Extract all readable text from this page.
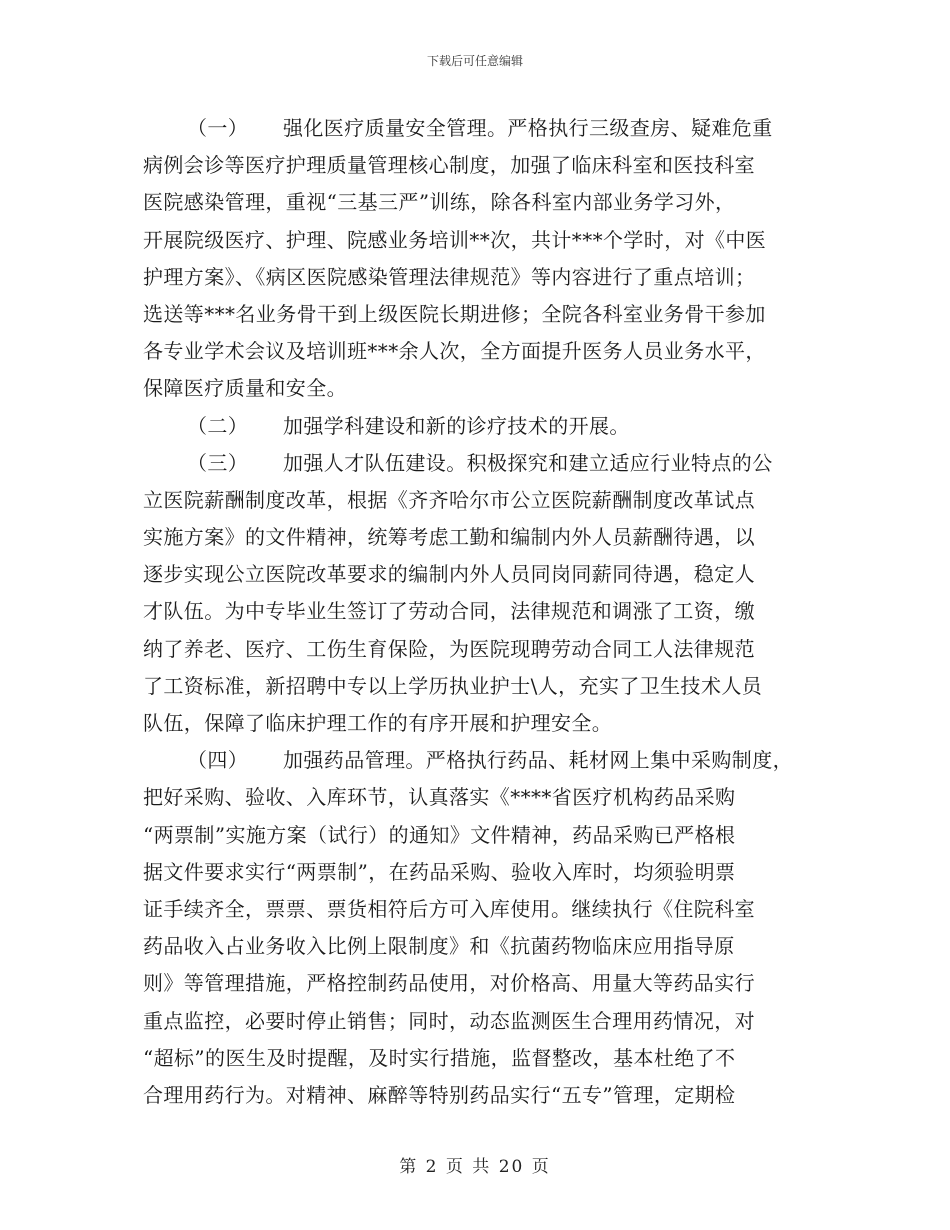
下载后可任意编辑
（一） 强化医疗质量安全管理。严格执行三级查房、疑难危重
病例会诊等医疗护理质量管理核心制度，加强了临床科室和医技科室
医院感染管理，重视“三基三严”训练，除各科室内部业务学习外，
开展院级医疗、护理、院感业务培训**次，共计***个学时，对《中医
护理方案》、《病区医院感染管理法律规范》等内容进行了重点培训；
选送等***名业务骨干到上级医院长期进修；全院各科室业务骨干参加
各专业学术会议及培训班***余人次，全方面提升医务人员业务水平，
保障医疗质量和安全。
（二） 加强学科建设和新的诊疗技术的开展。
（三） 加强人才队伍建设。积极探究和建立适应行业特点的公
立医院薪酬制度改革，根据《齐齐哈尔市公立医院薪酬制度改革试点
实施方案》的文件精神，统筹考虑工勤和编制内外人员薪酬待遇，以
逐步实现公立医院改革要求的编制内外人员同岗同薪同待遇，稳定人
才队伍。为中专毕业生签订了劳动合同，法律规范和调涨了工资，缴
纳了养老、医疗、工伤生育保险，为医院现聘劳动合同工人法律规范
了工资标准，新招聘中专以上学历执业护士\人，充实了卫生技术人员
队伍，保障了临床护理工作的有序开展和护理安全。
（四） 加强药品管理。严格执行药品、耗材网上集中采购制度，
把好采购、验收、入库环节，认真落实《****省医疗机构药品采购
“两票制”实施方案（试行）的通知》文件精神，药品采购已严格根
据文件要求实行“两票制”，在药品采购、验收入库时，均须验明票
证手续齐全，票票、票货相符后方可入库使用。继续执行《住院科室
药品收入占业务收入比例上限制度》和《抗菌药物临床应用指导原
则》等管理措施，严格控制药品使用，对价格高、用量大等药品实行
重点监控，必要时停止销售；同时，动态监测医生合理用药情况，对
“超标”的医生及时提醒，及时实行措施，监督整改，基本杜绝了不
合理用药行为。对精神、麻醉等特别药品实行“五专”管理，定期检
第 2 页 共 20 页
